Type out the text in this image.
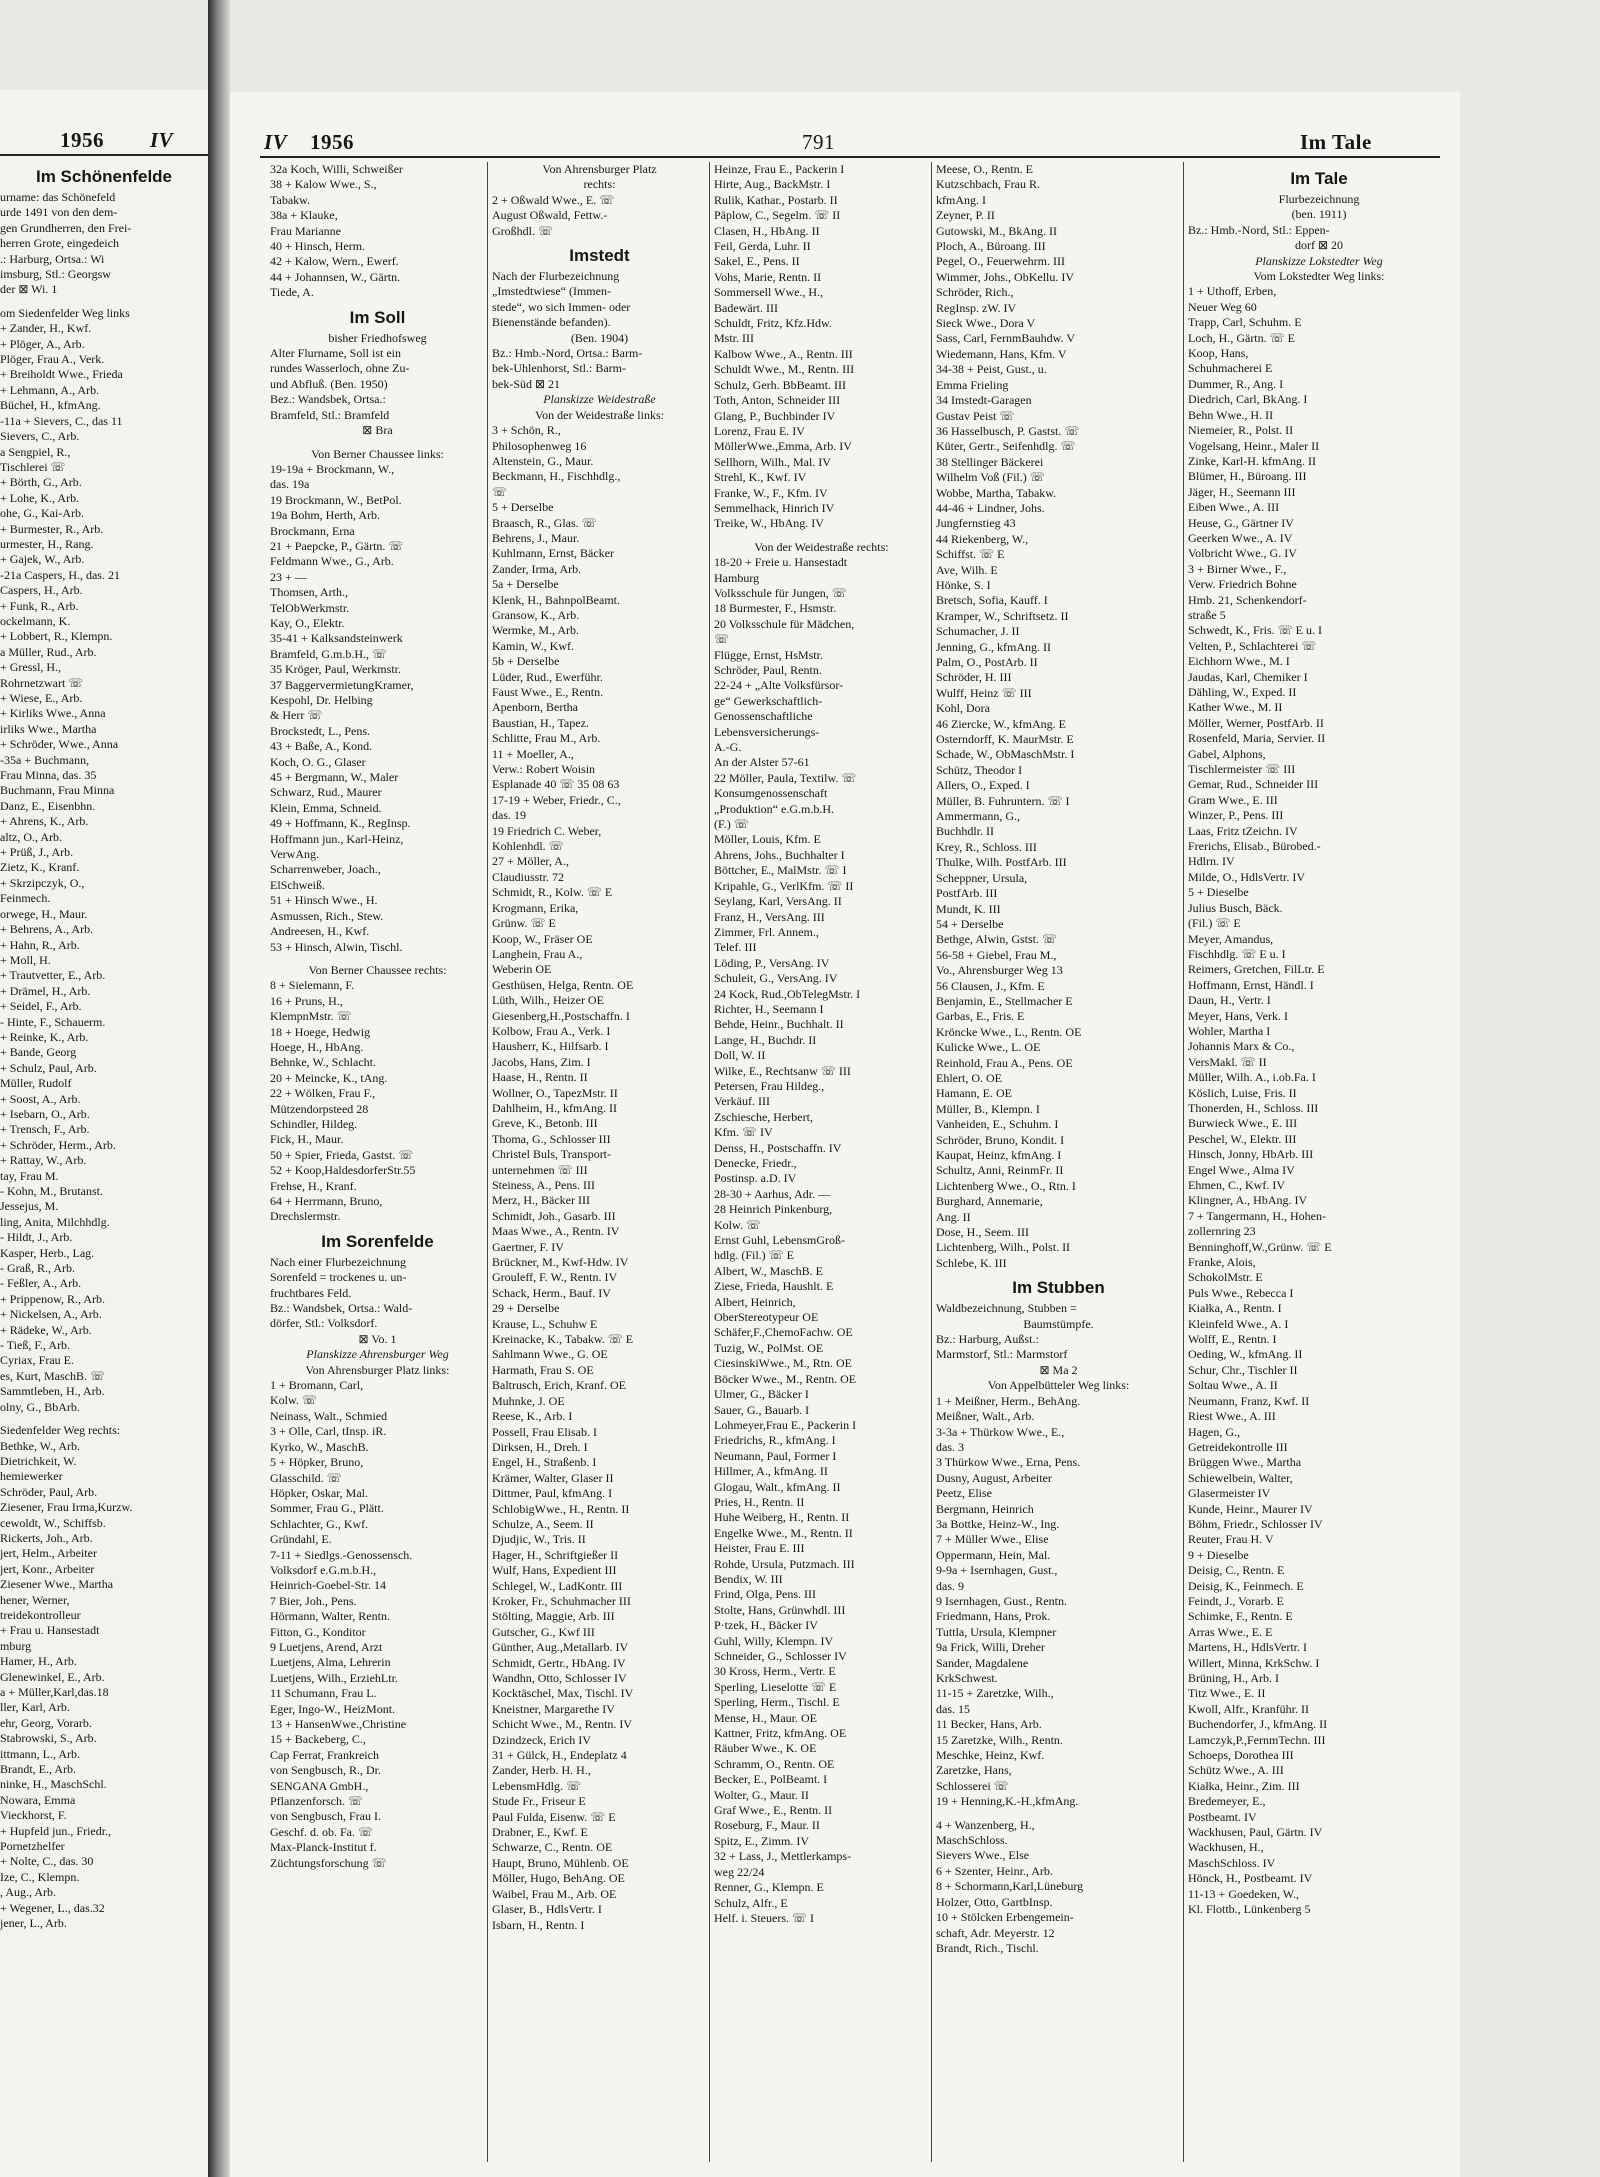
1956 IV
Im Schönenfelde
urname: das Schönefeld
urde 1491 von den dem-
gen Grundherren, den Frei-
herren Grote, eingedeich
.: Harburg, Ortsa.: Wi
imsburg, Stl.: Georgsw
der ⊠ Wi. 1
om Siedenfelder Weg links
+ Zander, H., Kwf.
+ Plöger, A., Arb.
Plöger, Frau A., Verk.
+ Breiholdt Wwe., Frieda
+ Lehmann, A., Arb.
Bücheł, H., kfmAng.
-11a + Sievers, C., das 11
Sievers, C., Arb.
a Sengpiel, R.,
Tischlerei ☏
+ Börth, G., Arb.
+ Lohe, K., Arb.
ohe, G., Kai-Arb.
+ Burmester, R., Arb.
urmester, H., Rang.
+ Gajek, W., Arb.
-21a Caspers, H., das. 21
Caspers, H., Arb.
+ Funk, R., Arb.
ockelmann, K.
+ Lobbert, R., Klempn.
a Müller, Rud., Arb.
+ Gressl, H.,
Rohrnetzwart ☏
+ Wiese, E., Arb.
+ Kirliks Wwe., Anna
irliks Wwe., Martha
+ Schröder, Wwe., Anna
-35a + Buchmann,
Frau Minna, das. 35
Buchmann, Frau Minna
Danz, E., Eisenbhn.
+ Ahrens, K., Arb.
altz, O., Arb.
+ Prüß, J., Arb.
Zietz, K., Kranf.
+ Skrzipczyk, O.,
Feinmech.
orwege, H., Maur.
+ Behrens, A., Arb.
+ Hahn, R., Arb.
+ Moll, H.
+ Trautvetter, E., Arb.
+ Drämel, H., Arb.
+ Seidel, F., Arb.
- Hinte, F., Schauerm.
+ Reinke, K., Arb.
+ Bande, Georg
+ Schulz, Paul, Arb.
Müller, Rudolf
+ Soost, A., Arb.
+ Isebarn, O., Arb.
+ Trensch, F., Arb.
+ Schröder, Herm., Arb.
+ Rattay, W., Arb.
tay, Frau M.
- Kohn, M., Brutanst.
Jessejus, M.
ling, Anita, Milchhdlg.
- Hildt, J., Arb.
Kasper, Herb., Lag.
- Graß, R., Arb.
- Feßler, A., Arb.
+ Prippenow, R., Arb.
+ Nickelsen, A., Arb.
+ Rädeke, W., Arb.
- Tieß, F., Arb.
Cyriax, Frau E.
es, Kurt, MaschB. ☏
Sammtleben, H., Arb.
olny, G., BbArb.
Siedenfelder Weg rechts:
Bethke, W., Arb.
Dietrichkeit, W.
hemiewerker
Schröder, Paul, Arb.
Ziesener, Frau Irma,Kurzw.
cewoldt, W., Schiffsb.
Rickerts, Joh., Arb.
jert, Helm., Arbeiter
jert, Konr., Arbeiter
Ziesener Wwe., Martha
hener, Werner,
treidekontrolleur
+ Frau u. Hansestadt
mburg
Hamer, H., Arb.
Glenewinkel, E., Arb.
a + Müller,Karl,das.18
ller, Karl, Arb.
ehr, Georg, Vorarb.
Stabrowski, S., Arb.
ittmann, L., Arb.
Brandt, E., Arb.
ninke, H., MaschSchl.
Nowara, Emma
Vieckhorst, F.
+ Hupfeld jun., Friedr.,
Pornetzhelfer
+ Nolte, C., das. 30
Ize, C., Klempn.
, Aug., Arb.
+ Wegener, L., das.32
jener, L., Arb.
IV 1956	791	Im Tale
32a Koch, Willi, Schweißer
38 + Kalow Wwe., S.,
Tabakw.
38a + Klauke,
Frau Marianne
40 + Hinsch, Herm.
42 + Kalow, Wern., Ewerf.
44 + Johannsen, W., Gärtn.
Tiede, A.
Im Soll
bisher Friedhofsweg
Alter Flurname, Soll ist ein
rundes Wasserloch, ohne Zu-
und Abfluß. (Ben. 1950)
Bez.: Wandsbek, Ortsa.:
Bramfeld, Stl.: Bramfeld
⊠ Bra
Von Berner Chaussee links:
19-19a + Brockmann, W.,
das. 19a
19 Brockmann, W., BetPol.
19a Bohm, Herth, Arb.
Brockmann, Erna
21 + Paepcke, P., Gärtn. ☏
Feldmann Wwe., G., Arb.
23 + —
Thomsen, Arth.,
TelObWerkmstr.
Kay, O., Elektr.
35-41 + Kalksandsteinwerk
Bramfeld, G.m.b.H., ☏
35 Kröger, Paul, Werkmstr.
37 BaggervermietungKramer,
Kespohl, Dr. Helbing
& Herr ☏
Brockstedt, L., Pens.
43 + Baße, A., Kond.
Koch, O. G., Glaser
45 + Bergmann, W., Maler
Schwarz, Rud., Maurer
Klein, Emma, Schneid.
49 + Hoffmann, K., RegInsp.
Hoffmann jun., Karl-Heinz,
VerwAng.
Scharrenweber, Joach.,
ElSchweiß.
51 + Hinsch Wwe., H.
Asmussen, Rich., Stew.
Andreesen, H., Kwf.
53 + Hinsch, Alwin, Tischl.
Von Berner Chaussee rechts:
8 + Sielemann, F.
16 + Pruns, H.,
KlempnMstr. ☏
18 + Hoege, Hedwig
Hoege, H., HbAng.
Behnke, W., Schlacht.
20 + Meincke, K., tAng.
22 + Wölken, Frau F.,
Mützendorpsteed 28
Schindler, Hildeg.
Fick, H., Maur.
50 + Spier, Frieda, Gastst. ☏
52 + Koop,HaldesdorferStr.55
Frehse, H., Kranf.
64 + Herrmann, Bruno,
Drechslermstr.
Im Sorenfelde
Nach einer Flurbezeichnung
Sorenfeld = trockenes u. un-
fruchtbares Feld.
Bz.: Wandsbek, Ortsa.: Wald-
dörfer, Stl.: Volksdorf.
⊠ Vo. 1
Planskizze Ahrensburger Weg
Von Ahrensburger Platz links:
1 + Bromann, Carl,
Kolw. ☏
Neinass, Walt., Schmied
3 + Olle, Carl, tInsp. iR.
Kyrko, W., MaschB.
5 + Höpker, Bruno,
Glasschild. ☏
Höpker, Oskar, Mal.
Sommer, Frau G., Plätt.
Schlachter, G., Kwf.
Gründahl, E.
7-11 + Siedlgs.-Genossensch.
Volksdorf e.G.m.b.H.,
Heinrich-Goebel-Str. 14
7 Bier, Joh., Pens.
Hörmann, Walter, Rentn.
Fitton, G., Konditor
9 Luetjens, Arend, Arzt
Luetjens, Alma, Lehrerin
Luetjens, Wilh., ErziehLtr.
11 Schumann, Frau L.
Eger, Ingo-W., HeizMont.
13 + HansenWwe.,Christine
15 + Backeberg, C.,
Cap Ferrat, Frankreich
von Sengbusch, R., Dr.
SENGANA GmbH.,
Pflanzenforsch. ☏
von Sengbusch, Frau I.
Geschf. d. ob. Fa. ☏
Max-Planck-Institut f.
Züchtungsforschung ☏
Von Ahrensburger Platz
rechts:
2 + Oßwald Wwe., E. ☏
August Oßwald, Fettw.-
Großhdl. ☏
Imstedt
Nach der Flurbezeichnung
„Imstedtwiese“ (Immen-
stede“, wo sich Immen- oder
Bienenstände befanden).
(Ben. 1904)
Bz.: Hmb.-Nord, Ortsa.: Barm-
bek-Uhlenhorst, Stl.: Barm-
bek-Süd ⊠ 21
Planskizze Weidestraße
Von der Weidestraße links:
3 + Schön, R.,
Philosophenweg 16
Altenstein, G., Maur.
Beckmann, H., Fischhdlg.,
☏
5 + Derselbe
Braasch, R., Glas. ☏
Behrens, J., Maur.
Kuhlmann, Ernst, Bäcker
Zander, Irma, Arb.
5a + Derselbe
Klenk, H., BahnpolBeamt.
Gransow, K., Arb.
Wermke, M., Arb.
Kamin, W., Kwf.
5b + Derselbe
Lüder, Rud., Ewerführ.
Faust Wwe., E., Rentn.
Apenborn, Bertha
Baustian, H., Tapez.
Schlitte, Frau M., Arb.
11 + Moeller, A.,
Verw.: Robert Woisin
Esplanade 40 ☏ 35 08 63
17-19 + Weber, Friedr., C.,
das. 19
19 Friedrich C. Weber,
Kohlenhdl. ☏
27 + Möller, A.,
Claudiusstr. 72
Schmidt, R., Kolw. ☏ E
Krogmann, Erika,
Grünw. ☏ E
Koop, W., Fräser OE
Langhein, Frau A.,
Weberin OE
Gesthüsen, Helga, Rentn. OE
Lüth, Wilh., Heizer OE
Giesenberg,H.,Postschaffn. I
Kolbow, Frau A., Verk. I
Hausherr, K., Hilfsarb. I
Jacobs, Hans, Zim. I
Haase, H., Rentn. II
Wollner, O., TapezMstr. II
Dahlheim, H., kfmAng. II
Greve, K., Betonb. III
Thoma, G., Schlosser III
Christel Buls, Transport-
unternehmen ☏ III
Steiness, A., Pens. III
Merz, H., Bäcker III
Schmidt, Joh., Gasarb. III
Maas Wwe., A., Rentn. IV
Gaertner, F. IV
Brückner, M., Kwf-Hdw. IV
Grouleff, F. W., Rentn. IV
Schack, Herm., Bauf. IV
29 + Derselbe
Krause, L., Schuhw E
Kreinacke, K., Tabakw. ☏ E
Sahlmann Wwe., G. OE
Harmath, Frau S. OE
Baltrusch, Erich, Kranf. OE
Muhnke, J. OE
Reese, K., Arb. I
Possell, Frau Elisab. I
Dirksen, H., Dreh. I
Engel, H., Straßenb. I
Krämer, Walter, Glaser II
Dittmer, Paul, kfmAng. I
SchlobigWwe., H., Rentn. II
Schulze, A., Seem. II
Djudjic, W., Tris. II
Hager, H., Schriftgießer II
Wulf, Hans, Expedient III
Schlegel, W., LadKontr. III
Kroker, Fr., Schuhmacher III
Stölting, Maggie, Arb. III
Gutscher, G., Kwf III
Günther, Aug.,Metallarb. IV
Schmidt, Gertr., HbAng. IV
Wandhn, Otto, Schlosser IV
Kocktäschel, Max, Tischl. IV
Kneistner, Margarethe IV
Schicht Wwe., M., Rentn. IV
Dzindzeck, Erich IV
31 + Gülck, H., Endeplatz 4
Zander, Herb. H. H.,
LebensmHdlg. ☏
Stude Fr., Friseur E
Paul Fulda, Eisenw. ☏ E
Drabner, E., Kwf. E
Schwarze, C., Rentn. OE
Haupt, Bruno, Mühlenb. OE
Möller, Hugo, BehAng. OE
Waibel, Frau M., Arb. OE
Glaser, B., HdlsVertr. I
Isbarn, H., Rentn. I
Heinze, Frau E., Packerin I
Hirte, Aug., BackMstr. I
Rulik, Kathar., Postarb. II
Päplow, C., Segelm. ☏ II
Clasen, H., HbAng. II
Feil, Gerda, Luhr. II
Sakel, E., Pens. II
Vohs, Marie, Rentn. II
Sommersell Wwe., H.,
Badewärt. III
Schuldt, Fritz, Kfz.Hdw.
Mstr. III
Kalbow Wwe., A., Rentn. III
Schuldt Wwe., M., Rentn. III
Schulz, Gerh. BbBeamt. III
Toth, Anton, Schneider III
Glang, P., Buchbinder IV
Lorenz, Frau E. IV
MöllerWwe.,Emma, Arb. IV
Sellhorn, Wilh., Mal. IV
Strehl, K., Kwf. IV
Franke, W., F., Kfm. IV
Semmelhack, Hinrich IV
Treike, W., HbAng. IV
Von der Weidestraße rechts:
18-20 + Freie u. Hansestadt
Hamburg
Volksschule für Jungen, ☏
18 Burmester, F., Hsmstr.
20 Volksschule für Mädchen,
☏
Flügge, Ernst, HsMstr.
Schröder, Paul, Rentn.
22-24 + „Alte Volksfürsor-
ge“ Gewerkschaftlich-
Genossenschaftliche
Lebensversicherungs-
A.-G.
An der Alster 57-61
22 Möller, Paula, Textilw. ☏
Konsumgenossenschaft
„Produktion“ e.G.m.b.H.
(F.) ☏
Möller, Louis, Kfm. E
Ahrens, Johs., Buchhalter I
Böttcher, E., MalMstr. ☏ I
Kripahle, G., VerlKfm. ☏ II
Seylang, Karl, VersAng. II
Franz, H., VersAng. III
Zimmer, Frl. Annem.,
Telef. III
Löding, P., VersAng. IV
Schuleit, G., VersAng. IV
24 Kock, Rud.,ObTelegMstr. I
Richter, H., Seemann I
Behde, Heinr., Buchhalt. II
Lange, H., Buchdr. II
Doll, W. II
Wilke, E., Rechtsanw ☏ III
Petersen, Frau Hildeg.,
Verkäuf. III
Zschiesche, Herbert,
Kfm. ☏ IV
Denss, H., Postschaffn. IV
Denecke, Friedr.,
Postinsp. a.D. IV
28-30 + Aarhus, Adr. —
28 Heinrich Pinkenburg,
Kolw. ☏
Ernst Guhl, LebensmGroß-
hdlg. (Fil.) ☏ E
Albert, W., MaschB. E
Ziese, Frieda, Haushlt. E
Albert, Heinrich,
OberStereotypeur OE
Schäfer,F.,ChemoFachw. OE
Tuzig, W., PolMst. OE
CiesinskiWwe., M., Rtn. OE
Böcker Wwe., M., Rentn. OE
Ulmer, G., Bäcker I
Sauer, G., Bauarb. I
Lohmeyer,Frau E., Packerin I
Friedrichs, R., kfmAng. I
Neumann, Paul, Former I
Hillmer, A., kfmAng. II
Glogau, Walt., kfmAng. II
Pries, H., Rentn. II
Huhe Weiberg, H., Rentn. II
Engelke Wwe., M., Rentn. II
Heister, Frau E. III
Rohde, Ursula, Putzmach. III
Bendix, W. III
Frind, Olga, Pens. III
Stolte, Hans, Grünwhdl. III
P·tzek, H., Bäcker IV
Guhl, Willy, Klempn. IV
Schneider, G., Schlosser IV
30 Kross, Herm., Vertr. E
Sperling, Lieselotte ☏ E
Sperling, Herm., Tischl. E
Mense, H., Maur. OE
Kattner, Fritz, kfmAng. OE
Räuber Wwe., K. OE
Schramm, O., Rentn. OE
Becker, E., PolBeamt. I
Wolter, G., Maur. II
Graf Wwe., E., Rentn. II
Roseburg, F., Maur. II
Spitz, E., Zimm. IV
32 + Lass, J., Mettlerkamps-
weg 22/24
Renner, G., Klempn. E
Schulz, Alfr., E
Helf. i. Steuers. ☏ I
Meese, O., Rentn. E
Kutzschbach, Frau R.
kfmAng. I
Zeyner, P. II
Gutowski, M., BkAng. II
Ploch, A., Büroang. III
Pegel, O., Feuerwehrm. III
Wimmer, Johs., ObKellu. IV
Schröder, Rich.,
RegInsp. zW. IV
Sieck Wwe., Dora V
Sass, Carl, FernmBauhdw. V
Wiedemann, Hans, Kfm. V
34-38 + Peist, Gust., u.
Emma Frieling
34 Imstedt-Garagen
Gustav Peist ☏
36 Hasselbusch, P. Gastst. ☏
Küter, Gertr., Seifenhdlg. ☏
38 Stellinger Bäckerei
Wilhelm Voß (Fil.) ☏
Wobbe, Martha, Tabakw.
44-46 + Lindner, Johs.
Jungfernstieg 43
44 Riekenberg, W.,
Schiffst. ☏ E
Ave, Wilh. E
Hönke, S. I
Bretsch, Sofia, Kauff. I
Kramper, W., Schriftsetz. II
Schumacher, J. II
Jenning, G., kfmAng. II
Palm, O., PostArb. II
Schröder, H. III
Wulff, Heinz ☏ III
Kohl, Dora
46 Ziercke, W., kfmAng. E
Osterndorff, K. MaurMstr. E
Schade, W., ObMaschMstr. I
Schütz, Theodor I
Allers, O., Exped. I
Müller, B. Fuhruntern. ☏ I
Ammermann, G.,
Buchhdlr. II
Krey, R., Schloss. III
Thulke, Wilh. PostfArb. III
Scheppner, Ursula,
PostfArb. III
Mundt, K. III
54 + Derselbe
Bethge, Alwin, Gstst. ☏
56-58 + Giebel, Frau M.,
Vo., Ahrensburger Weg 13
56 Clausen, J., Kfm. E
Benjamin, E., Stellmacher E
Garbas, E., Fris. E
Kröncke Wwe., L., Rentn. OE
Kulicke Wwe., L. OE
Reinhold, Frau A., Pens. OE
Ehlert, O. OE
Hamann, E. OE
Müller, B., Klempn. I
Vanheiden, E., Schuhm. I
Schröder, Bruno, Kondit. I
Kaupat, Heinz, kfmAng. I
Schultz, Anni, ReinmFr. II
Lichtenberg Wwe., O., Rtn. I
Burghard, Annemarie,
Ang. II
Dose, H., Seem. III
Lichtenberg, Wilh., Polst. II
Schlebe, K. III
Im Stubben
Waldbezeichnung, Stubben =
Baumstümpfe.
Bz.: Harburg, Außst.:
Marmstorf, Stl.: Marmstorf
⊠ Ma 2
Von Appelbütteler Weg links:
1 + Meißner, Herm., BehAng.
Meißner, Walt., Arb.
3-3a + Thürkow Wwe., E.,
das. 3
3 Thürkow Wwe., Erna, Pens.
Dusny, August, Arbeiter
Peetz, Elise
Bergmann, Heinrich
3a Bottke, Heinz-W., Ing.
7 + Müller Wwe., Elise
Oppermann, Hein, Mal.
9-9a + Isernhagen, Gust.,
das. 9
9 Isernhagen, Gust., Rentn.
Friedmann, Hans, Prok.
Tuttla, Ursula, Klempner
9a Frick, Willi, Dreher
Sander, Magdalene
KrkSchwest.
11-15 + Zaretzke, Wilh.,
das. 15
11 Becker, Hans, Arb.
15 Zaretzke, Wilh., Rentn.
Meschke, Heinz, Kwf.
Zaretzke, Hans,
Schlosserei ☏
19 + Henning,K.-H.,kfmAng.
4 + Wanzenberg, H.,
MaschSchloss.
Sievers Wwe., Else
6 + Szenter, Heinr., Arb.
8 + Schormann,Karl,Lüneburg
Holzer, Otto, GartbInsp.
10 + Stölcken Erbengemein-
schaft, Adr. Meyerstr. 12
Brandt, Rich., Tischl.
Im Tale
Flurbezeichnung
(ben. 1911)
Bz.: Hmb.-Nord, Stl.: Eppen-
dorf ⊠ 20
Planskizze Lokstedter Weg
Vom Lokstedter Weg links:
1 + Uthoff, Erben,
Neuer Weg 60
Trapp, Carl, Schuhm. E
Loch, H., Gärtn. ☏ E
Koop, Hans,
Schuhmacherei E
Dummer, R., Ang. I
Diedrich, Carl, BkAng. I
Behn Wwe., H. II
Niemeier, R., Polst. II
Vogelsang, Heinr., Maler II
Zinke, Karl-H. kfmAng. II
Blümer, H., Büroang. III
Jäger, H., Seemann III
Eiben Wwe., A. III
Heuse, G., Gärtner IV
Geerken Wwe., A. IV
Volbricht Wwe., G. IV
3 + Birner Wwe., F.,
Verw. Friedrich Bohne
Hmb. 21, Schenkendorf-
straße 5
Schwedt, K., Fris. ☏ E u. I
Velten, P., Schlachterei ☏
Eichhorn Wwe., M. I
Jaudas, Karl, Chemiker I
Dähling, W., Exped. II
Kather Wwe., M. II
Möller, Werner, PostfArb. II
Rosenfeld, Maria, Servier. II
Gabel, Alphons,
Tischlermeister ☏ III
Gemar, Rud., Schneider III
Gram Wwe., E. III
Winzer, P., Pens. III
Laas, Fritz tZeichn. IV
Frerichs, Elisab., Bürobed.-
Hdlrn. IV
Milde, O., HdlsVertr. IV
5 + Dieselbe
Julius Busch, Bäck.
(Fil.) ☏ E
Meyer, Amandus,
Fischhdlg. ☏ E u. I
Reimers, Gretchen, FilLtr. E
Hoffmann, Ernst, Händl. I
Daun, H., Vertr. I
Meyer, Hans, Verk. I
Wohler, Martha I
Johannis Marx & Co.,
VersMakl. ☏ II
Müller, Wilh. A., i.ob.Fa. I
Köslich, Luise, Fris. II
Thonerden, H., Schloss. III
Burwieck Wwe., E. III
Peschel, W., Elektr. III
Hinsch, Jonny, HbArb. III
Engel Wwe., Alma IV
Ehmen, C., Kwf. IV
Klingner, A., HbAng. IV
7 + Tangermann, H., Hohen-
zollernring 23
Benninghoff,W.,Grünw. ☏ E
Franke, Alois,
SchokolMstr. E
Puls Wwe., Rebecca I
Kiałka, A., Rentn. I
Kleinfeld Wwe., A. I
Wolff, E., Rentn. I
Oeding, W., kfmAng. II
Schur, Chr., Tischler II
Soltau Wwe., A. II
Neumann, Franz, Kwf. II
Riest Wwe., A. III
Hagen, G.,
Getreidekontrolle III
Brüggen Wwe., Martha
Schiewelbein, Walter,
Glasermeister IV
Kunde, Heinr., Maurer IV
Böhm, Friedr., Schlosser IV
Reuter, Frau H. V
9 + Dieselbe
Deisig, C., Rentn. E
Deisig, K., Feinmech. E
Feindt, J., Vorarb. E
Schimke, F., Rentn. E
Arras Wwe., E. E
Martens, H., HdlsVertr. I
Willert, Minna, KrkSchw. I
Brüning, H., Arb. I
Titz Wwe., E. II
Kwoll, Alfr., Kranführ. II
Buchendorfer, J., kfmAng. II
Lamczyk,P.,FernmTechn. III
Schoeps, Dorothea III
Schütz Wwe., A. III
Kiałka, Heinr., Zim. III
Bredemeyer, E.,
Postbeamt. IV
Wackhusen, Paul, Gärtn. IV
Wackhusen, H.,
MaschSchloss. IV
Hönck, H., Postbeamt. IV
11-13 + Goedeken, W.,
Kl. Flottb., Lünkenberg 5
